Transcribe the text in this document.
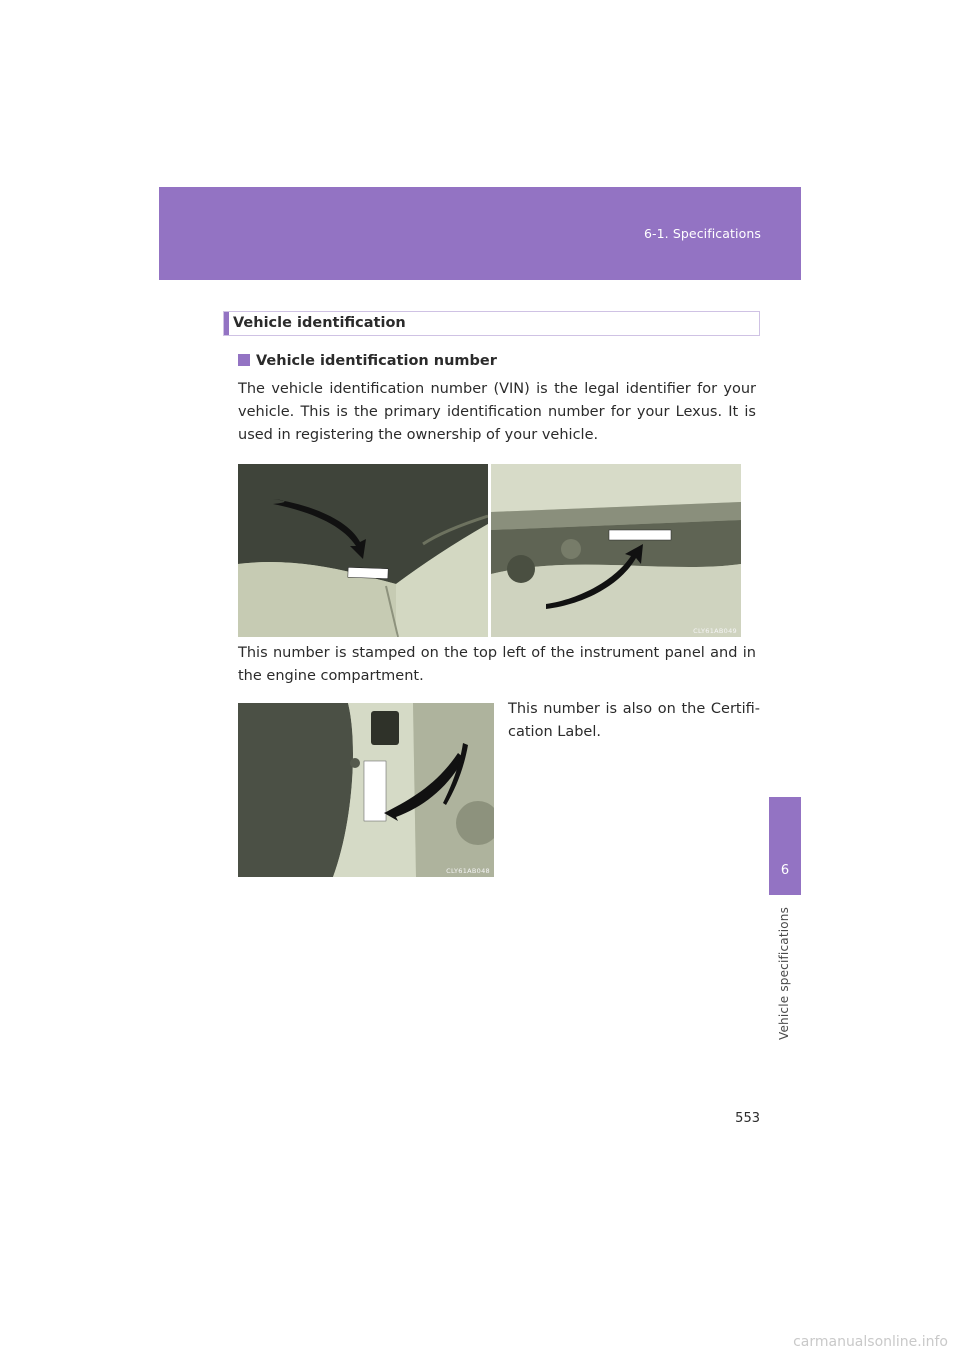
6-1. Specifications
6
Vehicle specifications
Vehicle identification
Vehicle identification number

The vehicle identification number (VIN) is the legal identifier for your vehicle. This is the primary identification number for your Lexus. It is used in registering the ownership of your vehicle.

CLY61AB049

This number is stamped on the top left of the instrument panel and in the engine compartment.

CLY61AB048

This number is also on the Certifi- cation Label.

553
carmanualsonline.info
